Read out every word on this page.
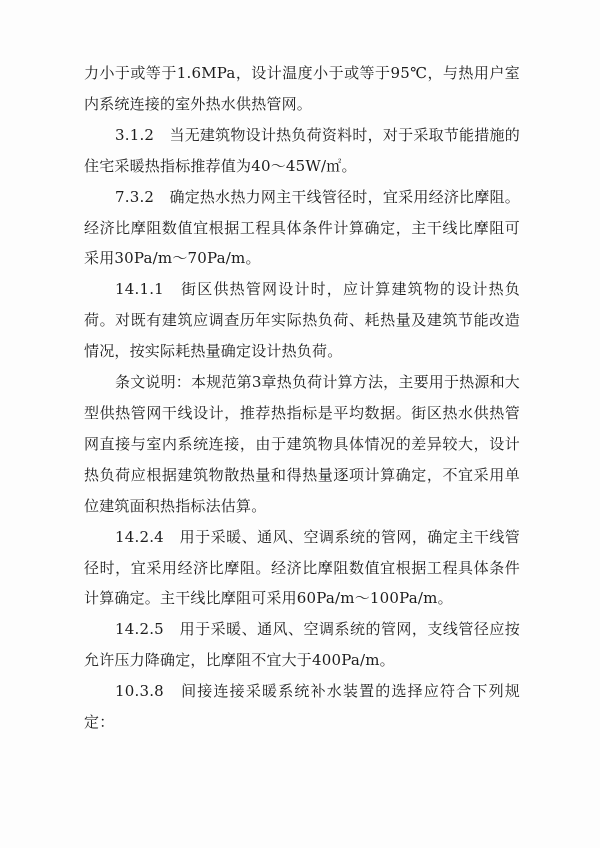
力小于或等于1.6MPa，设计温度小于或等于95℃，与热用户室内系统连接的室外热水供热管网。

3.1.2　当无建筑物设计热负荷资料时，对于采取节能措施的住宅采暖热指标推荐值为40～45W/㎡。

7.3.2　确定热水热力网主干线管径时，宜采用经济比摩阻。经济比摩阻数值宜根据工程具体条件计算确定，主干线比摩阻可采用30Pa/m～70Pa/m。

14.1.1　街区供热管网设计时，应计算建筑物的设计热负荷。对既有建筑应调查历年实际热负荷、耗热量及建筑节能改造情况，按实际耗热量确定设计热负荷。

条文说明：本规范第3章热负荷计算方法，主要用于热源和大型供热管网干线设计，推荐热指标是平均数据。街区热水供热管网直接与室内系统连接，由于建筑物具体情况的差异较大，设计热负荷应根据建筑物散热量和得热量逐项计算确定，不宜采用单位建筑面积热指标法估算。

14.2.4　用于采暖、通风、空调系统的管网，确定主干线管径时，宜采用经济比摩阻。经济比摩阻数值宜根据工程具体条件计算确定。主干线比摩阻可采用60Pa/m～100Pa/m。

14.2.5　用于采暖、通风、空调系统的管网，支线管径应按允许压力降确定，比摩阻不宜大于400Pa/m。

10.3.8　间接连接采暖系统补水装置的选择应符合下列规定：
